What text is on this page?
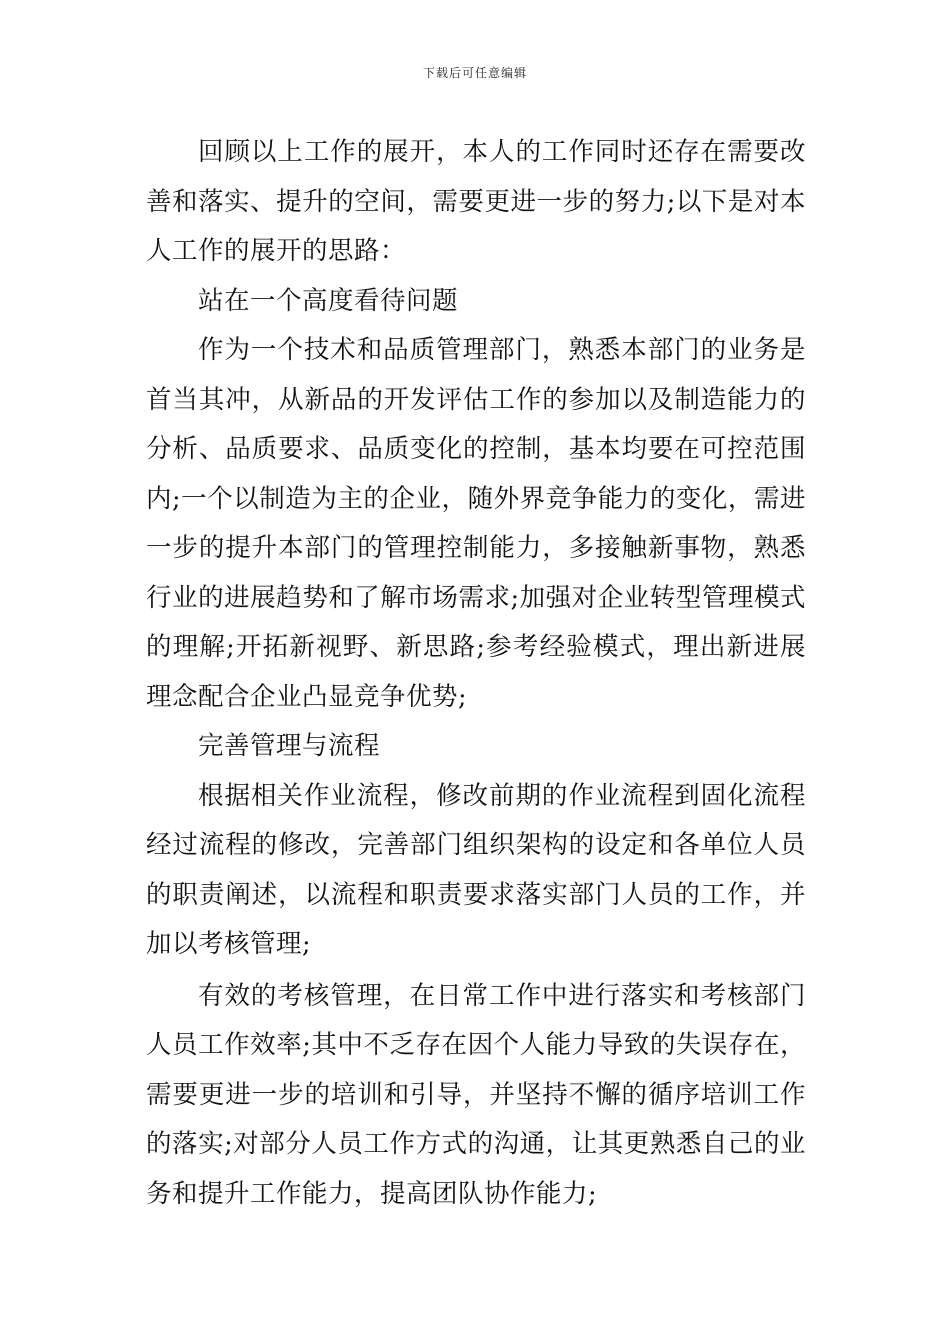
下载后可任意编辑

回顾以上工作的展开，本人的工作同时还存在需要改善和落实、提升的空间，需要更进一步的努力;以下是对本人工作的展开的思路：

站在一个高度看待问题

作为一个技术和品质管理部门，熟悉本部门的业务是首当其冲，从新品的开发评估工作的参加以及制造能力的分析、品质要求、品质变化的控制，基本均要在可控范围内;一个以制造为主的企业，随外界竞争能力的变化，需进一步的提升本部门的管理控制能力，多接触新事物，熟悉行业的进展趋势和了解市场需求;加强对企业转型管理模式的理解;开拓新视野、新思路;参考经验模式，理出新进展理念配合企业凸显竞争优势;

完善管理与流程

根据相关作业流程，修改前期的作业流程到固化流程经过流程的修改，完善部门组织架构的设定和各单位人员的职责阐述，以流程和职责要求落实部门人员的工作，并加以考核管理;

有效的考核管理，在日常工作中进行落实和考核部门人员工作效率;其中不乏存在因个人能力导致的失误存在，需要更进一步的培训和引导，并坚持不懈的循序培训工作的落实;对部分人员工作方式的沟通，让其更熟悉自己的业务和提升工作能力，提高团队协作能力;
